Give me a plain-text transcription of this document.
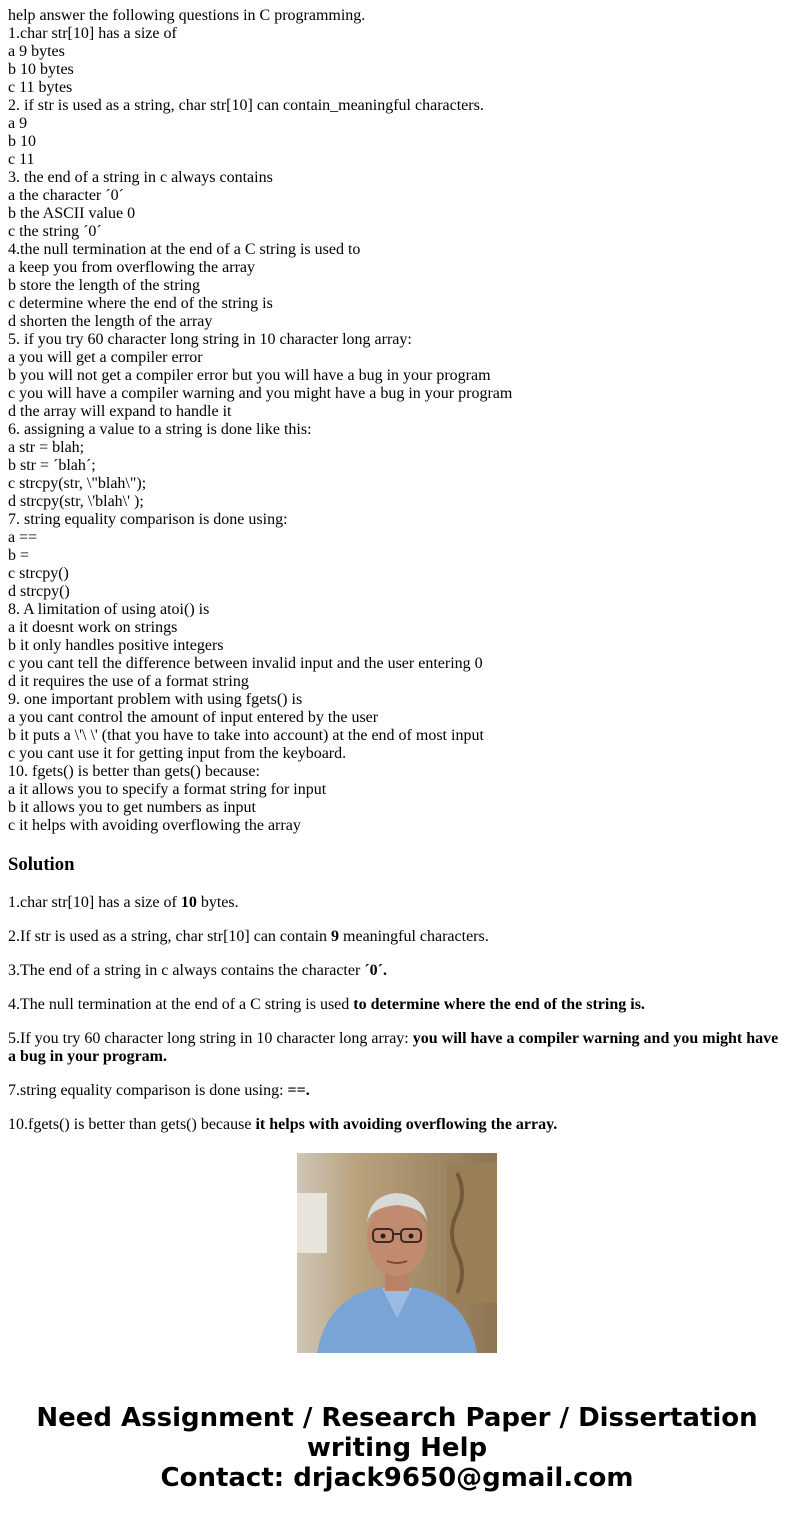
help answer the following questions in C programming.
1.char str[10] has a size of
a 9 bytes
b 10 bytes
c 11 bytes
2. if str is used as a string, char str[10] can contain_meaningful characters.
a 9
b 10
c 11
3. the end of a string in c always contains
a the character ´0´
b the ASCII value 0
c the string ´0´
4.the null termination at the end of a C string is used to
a keep you from overflowing the array
b store the length of the string
c determine where the end of the string is
d shorten the length of the array
5. if you try 60 character long string in 10 character long array:
a you will get a compiler error
b you will not get a compiler error but you will have a bug in your program
c you will have a compiler warning and you might have a bug in your program
d the array will expand to handle it
6. assigning a value to a string is done like this:
a str = blah;
b str = ´blah´;
c strcpy(str, \"blah\");
d strcpy(str, \'blah\' );
7. string equality comparison is done using:
a ==
b =
c strcpy()
d strcpy()
8. A limitation of using atoi() is
a it doesnt work on strings
b it only handles positive integers
c you cant tell the difference between invalid input and the user entering 0
d it requires the use of a format string
9. one important problem with using fgets() is
a you cant control the amount of input entered by the user
b it puts a \'\ \' (that you have to take into account) at the end of most input
c you cant use it for getting input from the keyboard.
10. fgets() is better than gets() because:
a it allows you to specify a format string for input
b it allows you to get numbers as input
c it helps with avoiding overflowing the array
Solution

1.char str[10] has a size of 10 bytes.

2.If str is used as a string, char str[10] can contain 9 meaningful characters.

3.The end of a string in c always contains the character ´0´.

4.The null termination at the end of a C string is used to determine where the end of the string is.

5.If you try 60 character long string in 10 character long array: you will have a compiler warning and you might have a bug in your program.

7.string equality comparison is done using: ==.

10.fgets() is better than gets() because it helps with avoiding overflowing the array.

Need Assignment / Research Paper / Dissertation
writing Help
Contact: drjack9650@gmail.com
